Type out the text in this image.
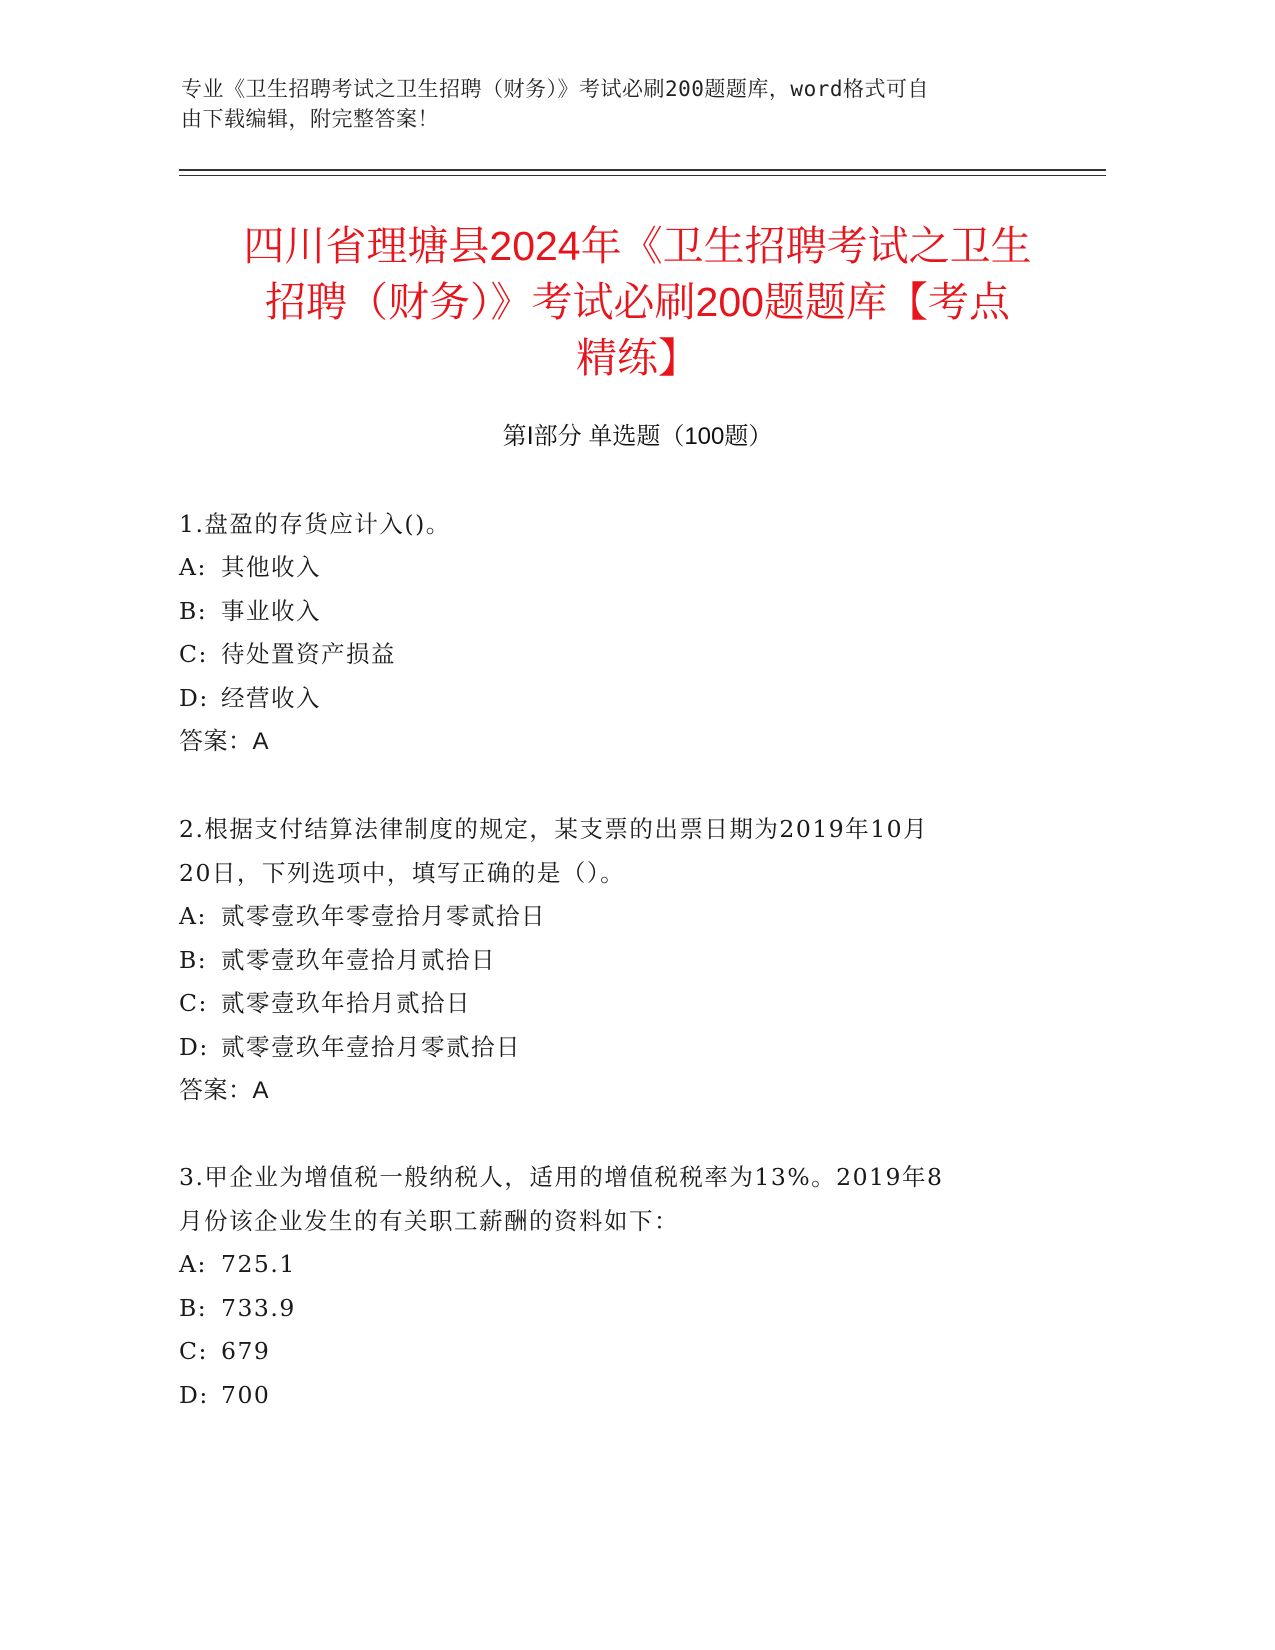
专业《卫生招聘考试之卫生招聘（财务）》考试必刷200题题库，word格式可自
由下载编辑，附完整答案！
四川省理塘县2024年《卫生招聘考试之卫生
招聘（财务）》考试必刷200题题库【考点
精练】
第Ⅰ部分 单选题（100题）
1.盘盈的存货应计入()。
A: 其他收入
B: 事业收入
C: 待处置资产损益
D: 经营收入
答案：A
2.根据支付结算法律制度的规定，某支票的出票日期为2019年10月
20日，下列选项中，填写正确的是（）。
A: 贰零壹玖年零壹拾月零贰拾日
B: 贰零壹玖年壹拾月贰拾日
C: 贰零壹玖年拾月贰拾日
D: 贰零壹玖年壹拾月零贰拾日
答案：A
3.甲企业为增值税一般纳税人，适用的增值税税率为13%。2019年8
月份该企业发生的有关职工薪酬的资料如下：
A: 725.1
B: 733.9
C: 679
D: 700
